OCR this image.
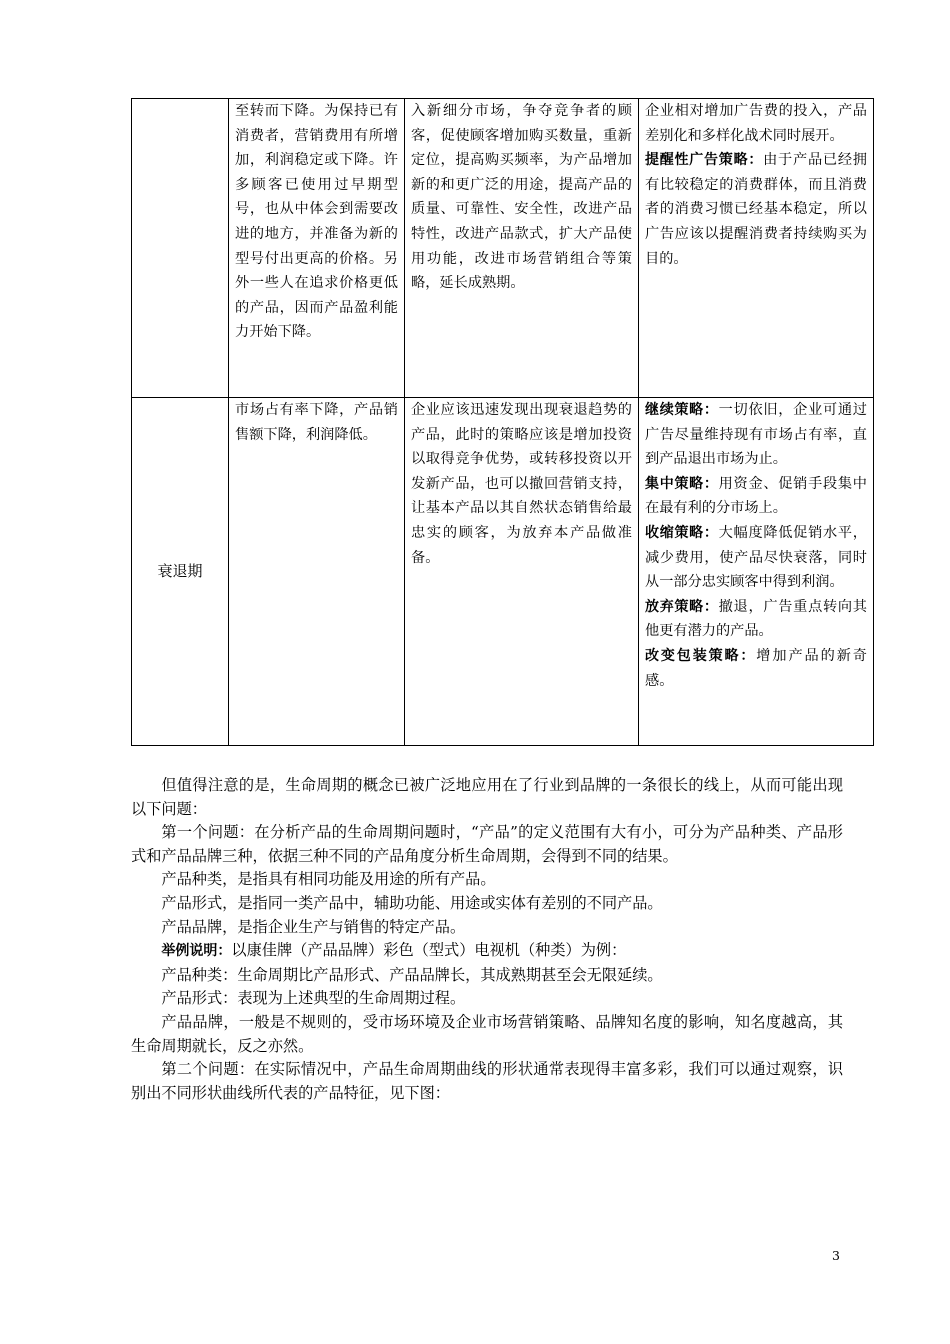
	至转而下降。为保持已有消费者，营销费用有所增加，利润稳定或下降。许多顾客已使用过早期型号，也从中体会到需要改进的地方，并准备为新的型号付出更高的价格。另外一些人在追求价格更低的产品，因而产品盈利能力开始下降。	入新细分市场，争夺竞争者的顾客，促使顾客增加购买数量，重新定位，提高购买频率，为产品增加新的和更广泛的用途，提高产品的质量、可靠性、安全性，改进产品特性，改进产品款式，扩大产品使用功能，改进市场营销组合等策略，延长成熟期。	企业相对增加广告费的投入，产品差别化和多样化战术同时展开。
提醒性广告策略：由于产品已经拥有比较稳定的消费群体，而且消费者的消费习惯已经基本稳定，所以广告应该以提醒消费者持续购买为目的。

衰退期	市场占有率下降，产品销售额下降，利润降低。	企业应该迅速发现出现衰退趋势的产品，此时的策略应该是增加投资以取得竞争优势，或转移投资以开发新产品，也可以撤回营销支持，让基本产品以其自然状态销售给最忠实的顾客，为放弃本产品做准备。	继续策略：一切依旧，企业可通过广告尽量维持现有市场占有率，直到产品退出市场为止。
集中策略：用资金、促销手段集中在最有利的分市场上。
收缩策略：大幅度降低促销水平，减少费用，使产品尽快衰落，同时从一部分忠实顾客中得到利润。
放弃策略：撤退，广告重点转向其他更有潜力的产品。
改变包装策略：增加产品的新奇感。

但值得注意的是，生命周期的概念已被广泛地应用在了行业到品牌的一条很长的线上，从而可能出现以下问题：

第一个问题：在分析产品的生命周期问题时，“产品”的定义范围有大有小，可分为产品种类、产品形式和产品品牌三种，依据三种不同的产品角度分析生命周期，会得到不同的结果。

产品种类，是指具有相同功能及用途的所有产品。

产品形式，是指同一类产品中，辅助功能、用途或实体有差别的不同产品。

产品品牌，是指企业生产与销售的特定产品。

举例说明：以康佳牌（产品品牌）彩色（型式）电视机（种类）为例：

产品种类：生命周期比产品形式、产品品牌长，其成熟期甚至会无限延续。

产品形式：表现为上述典型的生命周期过程。

产品品牌，一般是不规则的，受市场环境及企业市场营销策略、品牌知名度的影响，知名度越高，其生命周期就长，反之亦然。

第二个问题：在实际情况中，产品生命周期曲线的形状通常表现得丰富多彩，我们可以通过观察，识别出不同形状曲线所代表的产品特征，见下图：

3
